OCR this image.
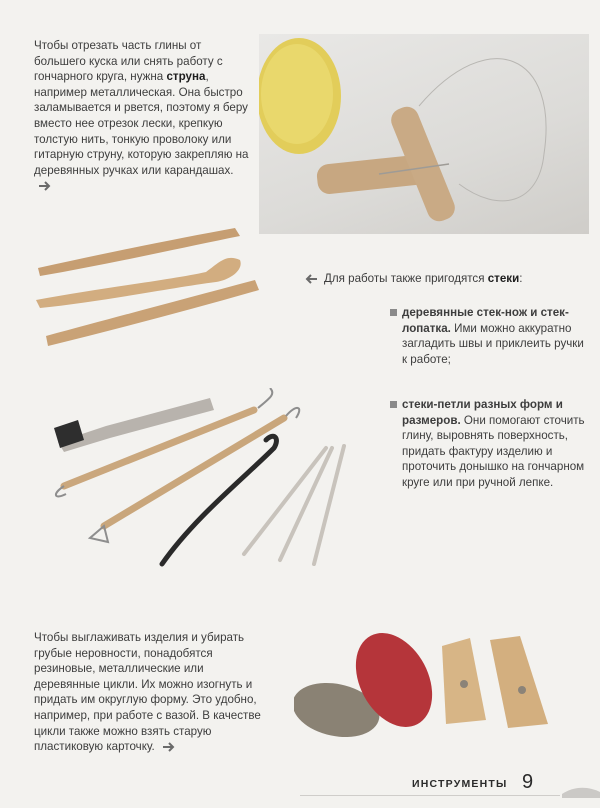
Чтобы отрезать часть глины от большего куска или снять работу с гончарного круга, нужна струна, например металлическая. Она быстро заламывается и рвется, поэтому я беру вместо нее отрезок лески, крепкую толстую нить, тонкую проволоку или гитарную струну, которую закрепляю на деревянных ручках или карандашах.
Для работы также пригодятся стеки:
деревянные стек-нож и стек-лопатка. Ими можно аккуратно загладить швы и приклеить ручки к работе;
стеки-петли разных форм и размеров. Они помогают сточить глину, выровнять поверхность, придать фактуру изделию и проточить донышко на гончарном круге или при ручной лепке.
Чтобы выглаживать изделия и убирать грубые неровности, понадобятся резиновые, металлические или деревянные цикли. Их можно изогнуть и придать им округлую форму. Это удобно, например, при работе с вазой. В качестве цикли также можно взять старую пластиковую карточку.
ИНСТРУМЕНТЫ 9
